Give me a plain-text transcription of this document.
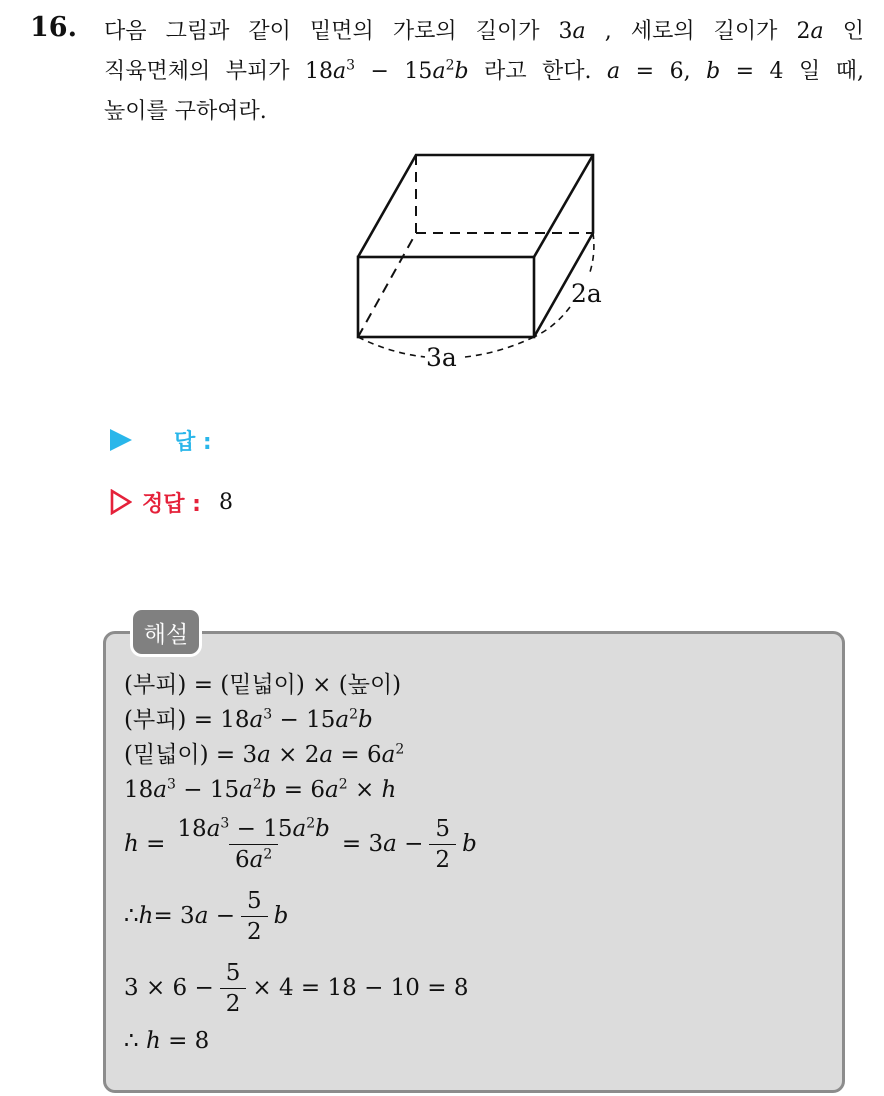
16. 다음 그림과 같이 밑면의 가로의 길이가 3a , 세로의 길이가 2a 인
직육면체의 부피가 $18a^3 - 15a^2b$ 라고 한다. a = 6, b = 4 일 때,
높이를 구하여라.
3a
2a
답 :
정답 : 8
해설
(부피) = (밑넓이) × (높이)
(부피) = $18a^3 - 15a^2b$
(밑넓이) = $3a \times 2a = 6a^2$
$18a^3 - 15a^2b = 6a^2 \times h$
$h = \frac{18a^3 - 15a^2b}{6a^2} = 3$ $a - \frac{5}{2}$ b
∴ h = 3 $a - \frac{5}{2}$ b
$3 \times 6 - \frac{5}{2} \times 4 = 18 - 10 = 8$
∴ h = 8
